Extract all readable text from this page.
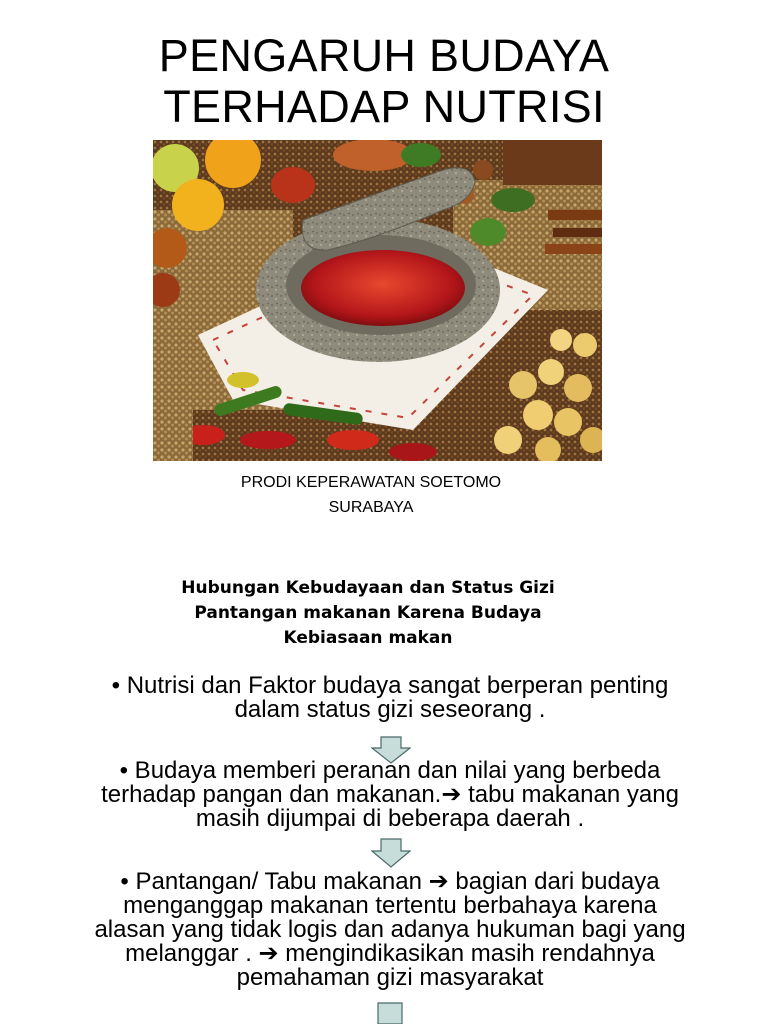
PENGARUH BUDAYA
TERHADAP NUTRISI
PRODI KEPERAWATAN SOETOMO
SURABAYA
Hubungan Kebudayaan dan Status Gizi
Pantangan makanan Karena Budaya
Kebiasaan makan
• Nutrisi dan Faktor budaya sangat berperan penting
dalam status gizi seseorang .
• Budaya memberi peranan dan nilai yang berbeda
terhadap pangan dan makanan.➔ tabu makanan yang
masih dijumpai di beberapa daerah .
• Pantangan/ Tabu makanan ➔ bagian dari budaya
menganggap makanan tertentu berbahaya karena
alasan yang tidak logis dan adanya hukuman bagi yang
melanggar . ➔ mengindikasikan masih rendahnya
pemahaman gizi masyarakat
